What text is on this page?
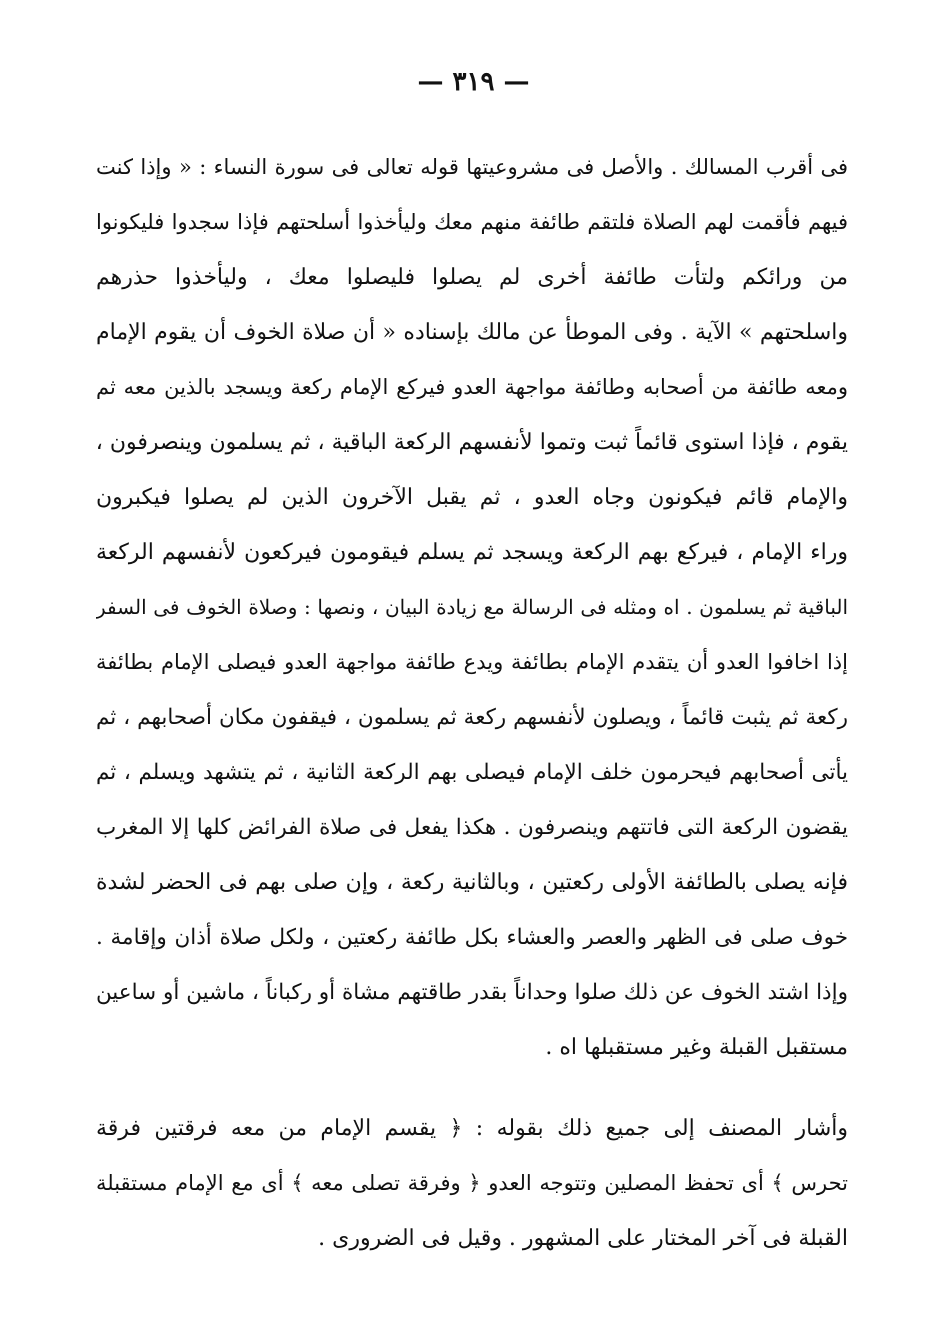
— ٣١٩ —
فى أقرب المسالك . والأصل فى مشروعيتها قوله تعالى فى سورة النساء : « وإذا كنت
فيهم فأقمت لهم الصلاة فلتقم طائفة منهم معك وليأخذوا أسلحتهم فإذا سجدوا فليكونوا
من ورائكم ولتأت طائفة أخرى لم يصلوا فليصلوا معك ، وليأخذوا حذرهم
واسلحتهم » الآية . وفى الموطأ عن مالك بإسناده « أن صلاة الخوف أن يقوم الإمام
ومعه طائفة من أصحابه وطائفة مواجهة العدو فيركع الإمام ركعة ويسجد بالذين معه ثم
يقوم ، فإذا استوى قائماً ثبت وتموا لأنفسهم الركعة الباقية ، ثم يسلمون وينصرفون ،
والإمام قائم فيكونون وجاه العدو ، ثم يقبل الآخرون الذين لم يصلوا فيكبرون
وراء الإمام ، فيركع بهم الركعة ويسجد ثم يسلم فيقومون فيركعون لأنفسهم الركعة
الباقية ثم يسلمون . اه ومثله فى الرسالة مع زيادة البيان ، ونصها : وصلاة الخوف فى السفر
إذا اخافوا العدو أن يتقدم الإمام بطائفة ويدع طائفة مواجهة العدو فيصلى الإمام بطائفة
ركعة ثم يثبت قائماً ، ويصلون لأنفسهم ركعة ثم يسلمون ، فيقفون مكان أصحابهم ، ثم
يأتى أصحابهم فيحرمون خلف الإمام فيصلى بهم الركعة الثانية ، ثم يتشهد ويسلم ، ثم
يقضون الركعة التى فاتتهم وينصرفون . هكذا يفعل فى صلاة الفرائض كلها إلا المغرب
فإنه يصلى بالطائفة الأولى ركعتين ، وبالثانية ركعة ، وإن صلى بهم فى الحضر لشدة
خوف صلى فى الظهر والعصر والعشاء بكل طائفة ركعتين ، ولكل صلاة أذان وإقامة .
وإذا اشتد الخوف عن ذلك صلوا وحداناً بقدر طاقتهم مشاة أو ركباناً ، ماشين أو ساعين
مستقبل القبلة وغير مستقبلها اه .
وأشار المصنف إلى جميع ذلك بقوله : ﴿ يقسم الإمام من معه فرقتين فرقة
تحرس ﴾ أى تحفظ المصلين وتتوجه العدو ﴿ وفرقة تصلى معه ﴾ أى مع الإمام مستقبلة
القبلة فى آخر المختار على المشهور . وقيل فى الضرورى .
